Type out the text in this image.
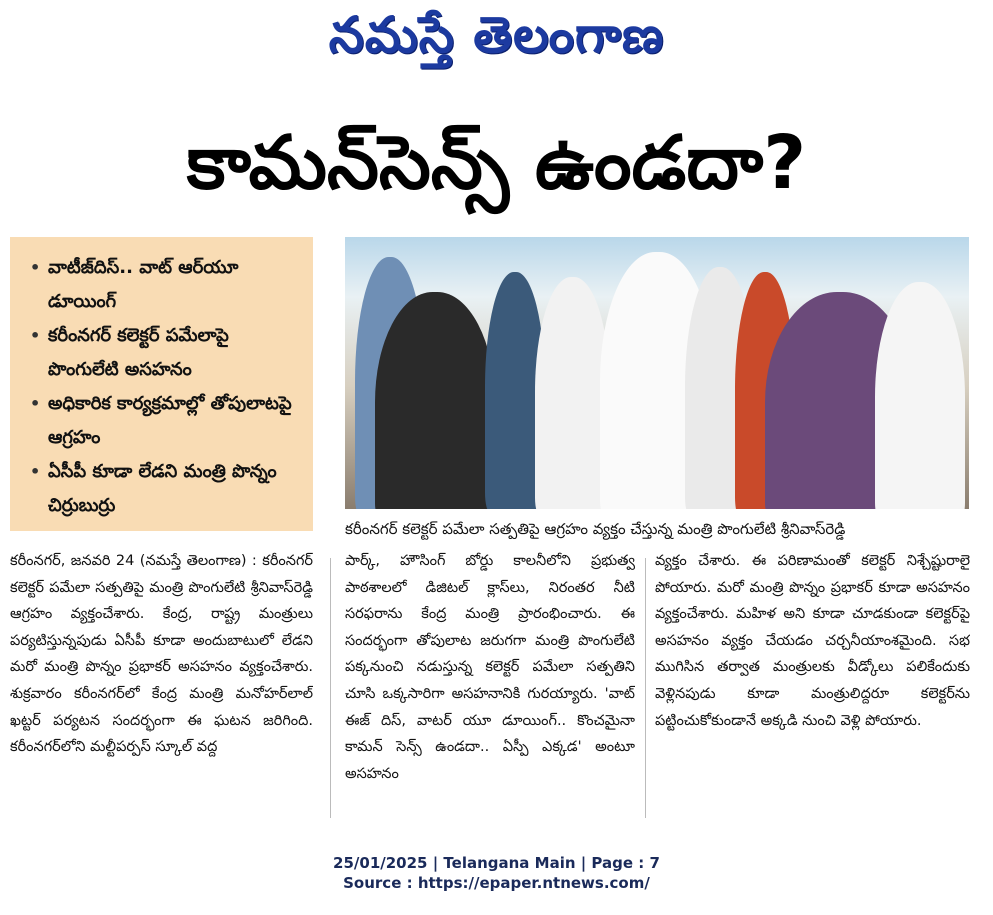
నమస్తే తెలంగాణ
కామన్‌సెన్స్‌ ఉండదా?
• వాటీజ్‌దిస్‌.. వాట్‌ ఆర్‌యూ డూయింగ్‌
• కరీంనగర్‌ కలెక్టర్‌ పమేలాపై పొంగులేటి అసహనం
• అధికారిక కార్యక్రమాల్లో తోపులాటపై ఆగ్రహం
• ఏసీపీ కూడా లేడని మంత్రి పొన్నం చిర్రుబుర్రు
కరీంనగర్‌ కలెక్టర్‌ పమేలా సత్పతిపై ఆగ్రహం వ్యక్తం చేస్తున్న మంత్రి పొంగులేటి శ్రీనివాస్‌రెడ్డి
కరీంనగర్‌, జనవరి 24 (నమస్తే తెలంగాణ) : కరీంనగర్‌ కలెక్టర్‌ పమేలా సత్పతిపై మంత్రి పొంగులేటి శ్రీనివాస్‌రెడ్డి ఆగ్రహం వ్యక్తంచేశారు. కేంద్ర, రాష్ట్ర మంత్రులు పర్యటిస్తున్నపుడు ఏసీపీ కూడా అందుబాటులో లేడని మరో మంత్రి పొన్నం ప్రభాకర్‌ అసహనం వ్యక్తంచేశారు. శుక్రవారం కరీంనగర్‌లో కేంద్ర మంత్రి మనోహర్‌లాల్‌ ఖట్టర్‌ పర్యటన సందర్భంగా ఈ ఘటన జరిగింది. కరీంనగర్‌లోని మల్టీపర్పస్‌ స్కూల్‌ వద్ద
పార్క్‌, హౌసింగ్‌ బోర్డు కాలనీలోని ప్రభుత్వ పాఠశాలలో డిజిటల్‌ క్లాస్‌లు, నిరంతర నీటి సరఫరాను కేంద్ర మంత్రి ప్రారంభించారు. ఈ సందర్భంగా తోపులాట జరుగగా మంత్రి పొంగులేటి పక్కనుంచి నడుస్తున్న కలెక్టర్‌ పమేలా సత్పతిని చూసి ఒక్కసారిగా అసహనానికి గురయ్యారు. 'వాట్‌ ఈజ్‌ దిస్‌, వాటర్‌ యూ డూయింగ్‌.. కొంచమైనా కామన్‌ సెన్స్‌ ఉండదా.. ఏస్పీ ఎక్కడ' అంటూ అసహనం
వ్యక్తం చేశారు. ఈ పరిణామంతో కలెక్టర్‌ నిశ్చేష్టురాలై పోయారు. మరో మంత్రి పొన్నం ప్రభాకర్‌ కూడా అసహనం వ్యక్తంచేశారు. మహిళ అని కూడా చూడకుండా కలెక్టర్‌పై అసహనం వ్యక్తం చేయడం చర్చనీయాంశమైంది. సభ ముగిసిన తర్వాత మంత్రులకు వీడ్కోలు పలికేందుకు వెళ్లినపుడు కూడా మంత్రులిద్దరూ కలెక్టర్‌ను పట్టించుకోకుండానే అక్కడి నుంచి వెళ్లి పోయారు.
25/01/2025 | Telangana Main | Page : 7
Source : https://epaper.ntnews.com/
